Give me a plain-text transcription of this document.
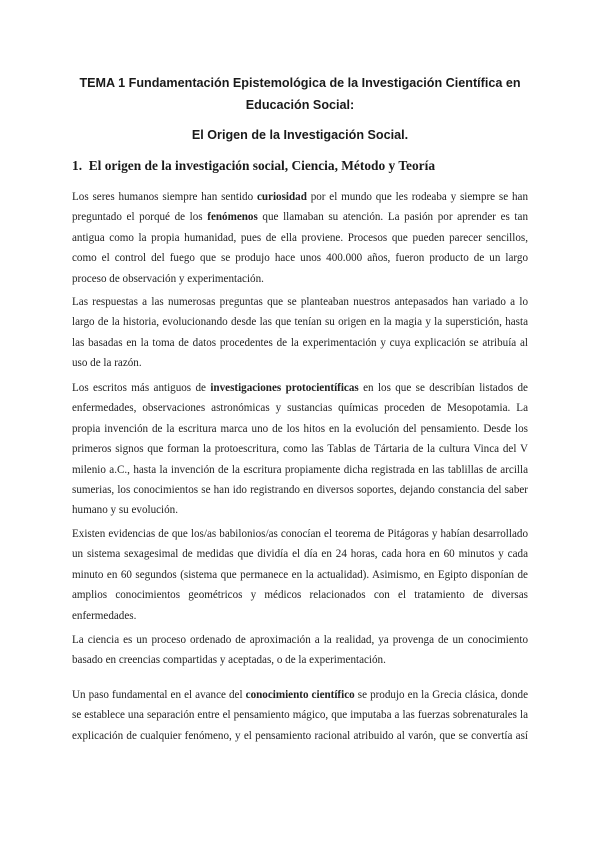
TEMA 1 Fundamentación Epistemológica de la Investigación Científica en Educación Social:
El Origen de la Investigación Social.
1.  El origen de la investigación social, Ciencia, Método y Teoría

Los seres humanos siempre han sentido curiosidad por el mundo que les rodeaba y siempre se han preguntado el porqué de los fenómenos que llamaban su atención. La pasión por aprender es tan antigua como la propia humanidad, pues de ella proviene. Procesos que pueden parecer sencillos, como el control del fuego que se produjo hace unos 400.000 años, fueron producto de un largo proceso de observación y experimentación.

Las respuestas a las numerosas preguntas que se planteaban nuestros antepasados han variado a lo largo de la historia, evolucionando desde las que tenían su origen en la magia y la superstición, hasta las basadas en la toma de datos procedentes de la experimentación y cuya explicación se atribuía al uso de la razón.

Los escritos más antiguos de investigaciones protocientíficas en los que se describían listados de enfermedades, observaciones astronómicas y sustancias químicas proceden de Mesopotamia. La propia invención de la escritura marca uno de los hitos en la evolución del pensamiento. Desde los primeros signos que forman la protoescritura, como las Tablas de Tártaria de la cultura Vinca del V milenio a.C., hasta la invención de la escritura propiamente dicha registrada en las tablillas de arcilla sumerias, los conocimientos se han ido registrando en diversos soportes, dejando constancia del saber humano y su evolución.

Existen evidencias de que los/as babilonios/as conocían el teorema de Pitágoras y habían desarrollado un sistema sexagesimal de medidas que dividía el día en 24 horas, cada hora en 60 minutos y cada minuto en 60 segundos (sistema que permanece en la actualidad). Asimismo, en Egipto disponían de amplios conocimientos geométricos y médicos relacionados con el tratamiento de diversas enfermedades.

La ciencia es un proceso ordenado de aproximación a la realidad, ya provenga de un conocimiento basado en creencias compartidas y aceptadas, o de la experimentación.

Un paso fundamental en el avance del conocimiento científico se produjo en la Grecia clásica, donde se establece una separación entre el pensamiento mágico, que imputaba a las fuerzas sobrenaturales la explicación de cualquier fenómeno, y el pensamiento racional atribuido al varón, que se convertía así
